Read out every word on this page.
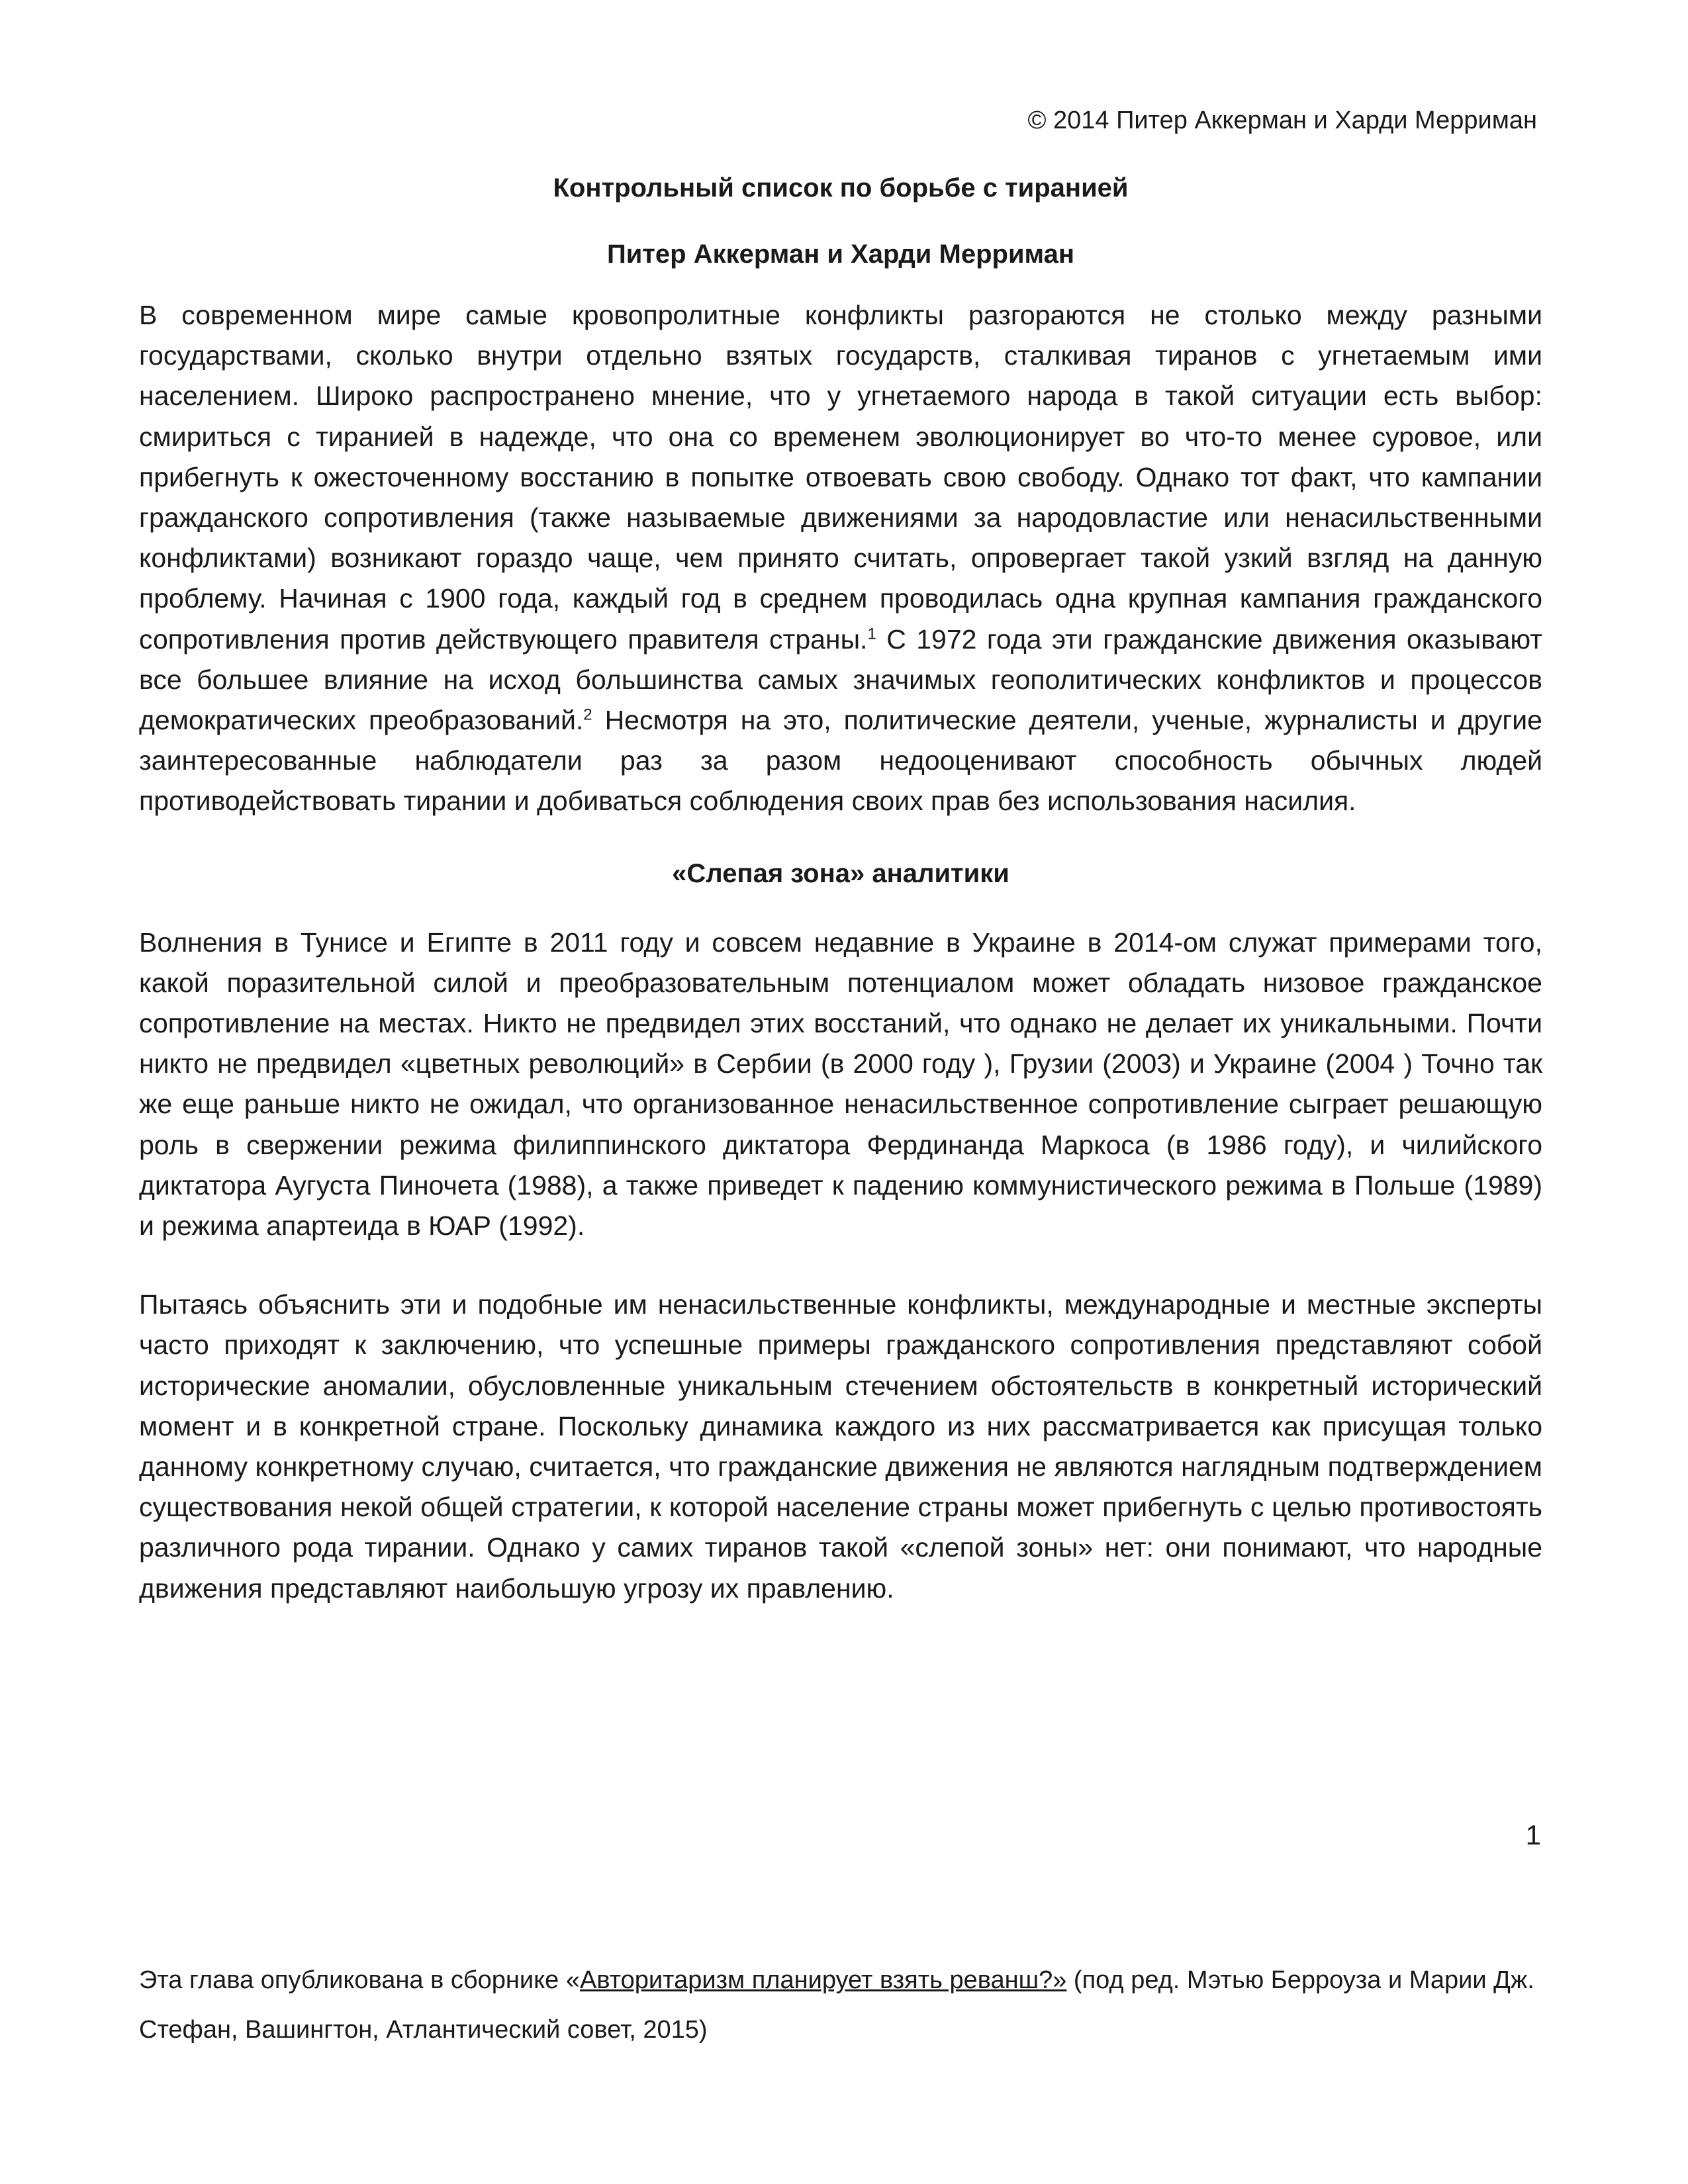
© 2014 Питер Аккерман и Харди Мерриман
Контрольный список по борьбе с тиранией
Питер Аккерман и Харди Мерриман

В современном мире самые кровопролитные конфликты разгораются не столько между разными государствами, сколько внутри отдельно взятых государств, сталкивая тиранов с угнетаемым ими населением. Широко распространено мнение, что у угнетаемого народа в такой ситуации есть выбор: смириться с тиранией в надежде, что она со временем эволюционирует во что-то менее суровое, или прибегнуть к ожесточенному восстанию в попытке отвоевать свою свободу. Однако тот факт, что кампании гражданского сопротивления (также называемые движениями за народовластие или ненасильственными конфликтами) возникают гораздо чаще, чем принято считать, опровергает такой узкий взгляд на данную проблему. Начиная с 1900 года, каждый год в среднем проводилась одна крупная кампания гражданского сопротивления против действующего правителя страны.$^1$ С 1972 года эти гражданские движения оказывают все большее влияние на исход большинства самых значимых геополитических конфликтов и процессов демократических преобразований.$^2$ Несмотря на это, политические деятели, ученые, журналисты и другие заинтересованные наблюдатели раз за разом недооценивают способность обычных людей противодействовать тирании и добиваться соблюдения своих прав без использования насилия.

«Слепая зона» аналитики

Волнения в Тунисе и Египте в 2011 году и совсем недавние в Украине в 2014-ом служат примерами того, какой поразительной силой и преобразовательным потенциалом может обладать низовое гражданское сопротивление на местах. Никто не предвидел этих восстаний, что однако не делает их уникальными. Почти никто не предвидел «цветных революций» в Сербии (в 2000 году ), Грузии (2003) и Украине (2004 ) Точно так же еще раньше никто не ожидал, что организованное ненасильственное сопротивление сыграет решающую роль в свержении режима филиппинского диктатора Фердинанда Маркоса (в 1986 году), и чилийского диктатора Аугуста Пиночета (1988), а также приведет к падению коммунистического режима в Польше (1989) и режима апартеида в ЮАР (1992).

Пытаясь объяснить эти и подобные им ненасильственные конфликты, международные и местные эксперты часто приходят к заключению, что успешные примеры гражданского сопротивления представляют собой исторические аномалии, обусловленные уникальным стечением обстоятельств в конкретный исторический момент и в конкретной стране. Поскольку динамика каждого из них рассматривается как присущая только данному конкретному случаю, считается, что гражданские движения не являются наглядным подтверждением существования некой общей стратегии, к которой население страны может прибегнуть с целью противостоять различного рода тирании. Однако у самих тиранов такой «слепой зоны» нет: они понимают, что народные движения представляют наибольшую угрозу их правлению.

1
Эта глава опубликована в сборнике «Авторитаризм планирует взять реванш?» (под ред. Мэтью Берроуза и Марии Дж. Стефан, Вашингтон, Атлантический совет, 2015)
